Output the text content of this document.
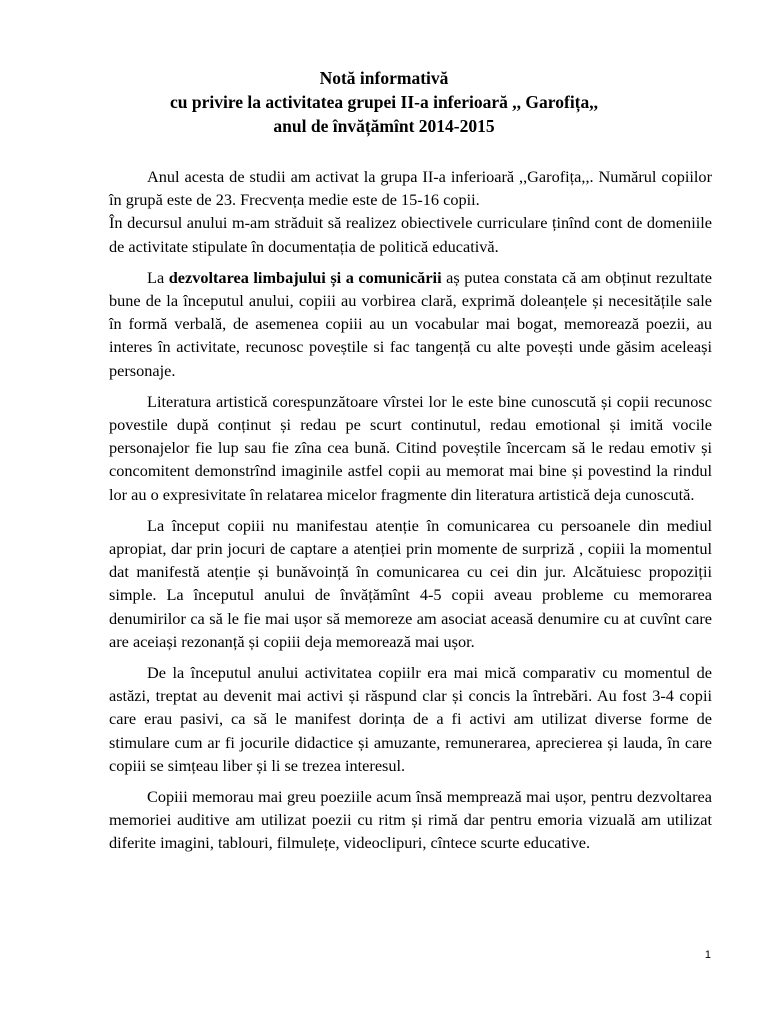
Notă informativă
cu privire la activitatea grupei II-a inferioară ,, Garofița,,
anul de învățămînt 2014-2015

Anul acesta de studii am activat la grupa II-a inferioară ,,Garofița,,. Numărul copiilor în grupă este de 23. Frecvența medie este de 15-16 copii.

În decursul anului m-am străduit să realizez obiectivele curriculare ținînd cont de domeniile de activitate stipulate în documentația de politică educativă.

La dezvoltarea limbajului și a comunicării aș putea constata că am obținut rezultate bune de la începutul anului, copiii au vorbirea clară, exprimă doleanțele și necesitățile sale în formă verbală, de asemenea copiii au un vocabular mai bogat, memorează poezii, au interes în activitate, recunosc poveștile si fac tangență cu alte povești unde găsim aceleași personaje.

Literatura artistică corespunzătoare vîrstei lor le este bine cunoscută și copii recunosc povestile după conținut și redau pe scurt continutul, redau emotional și imită vocile personajelor fie lup sau fie zîna cea bună. Citind poveștile încercam să le redau emotiv și concomitent demonstrînd imaginile astfel copii au memorat mai bine și povestind la rindul lor au o expresivitate în relatarea micelor fragmente din literatura artistică deja cunoscută.

La început copiii nu manifestau atenție în comunicarea cu persoanele din mediul apropiat, dar prin jocuri de captare a atenției prin momente de surpriză , copiii la momentul dat manifestă atenție și bunăvoință în comunicarea cu cei din jur. Alcătuiesc propoziții simple. La începutul anului de învățămînt 4-5 copii aveau probleme cu memorarea denumirilor ca să le fie mai ușor să memoreze am asociat aceasă denumire cu at cuvînt care are aceiași rezonanță și copiii deja memorează mai ușor.

De la începutul anului activitatea copiilr era mai mică comparativ cu momentul de astăzi, treptat au devenit mai activi și răspund clar și concis la întrebări. Au fost 3-4 copii care erau pasivi, ca să le manifest dorința de a fi activi am utilizat diverse forme de stimulare cum ar fi jocurile didactice și amuzante, remunerarea, aprecierea și lauda, în care copiii se simțeau liber și li se trezea interesul.

Copiii memorau mai greu poeziile acum însă memprează mai ușor, pentru dezvoltarea memoriei auditive am utilizat poezii cu ritm și rimă dar pentru emoria vizuală am utilizat diferite imagini, tablouri, filmulețe, videoclipuri, cîntece scurte educative.

1
